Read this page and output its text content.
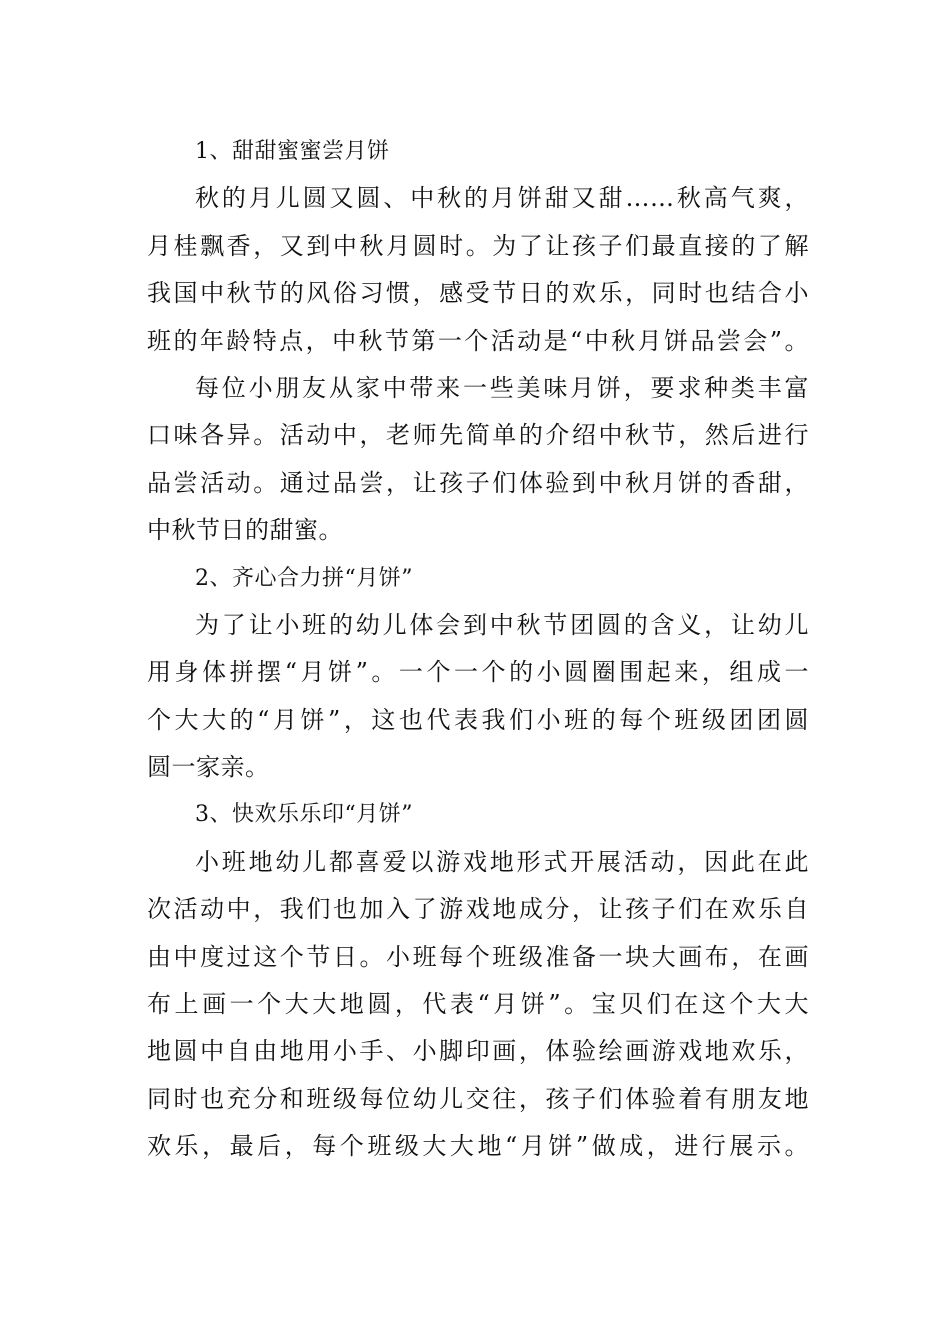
1、甜甜蜜蜜尝月饼
秋的月儿圆又圆、中秋的月饼甜又甜……秋高气爽，
月桂飘香，又到中秋月圆时。为了让孩子们最直接的了解
我国中秋节的风俗习惯，感受节日的欢乐，同时也结合小
班的年龄特点，中秋节第一个活动是“中秋月饼品尝会”。
每位小朋友从家中带来一些美味月饼，要求种类丰富
口味各异。活动中，老师先简单的介绍中秋节，然后进行
品尝活动。通过品尝，让孩子们体验到中秋月饼的香甜，
中秋节日的甜蜜。
2、齐心合力拼“月饼”
为了让小班的幼儿体会到中秋节团圆的含义，让幼儿
用身体拼摆“月饼”。一个一个的小圆圈围起来，组成一
个大大的“月饼”，这也代表我们小班的每个班级团团圆
圆一家亲。
3、快欢乐乐印“月饼”
小班地幼儿都喜爱以游戏地形式开展活动，因此在此
次活动中，我们也加入了游戏地成分，让孩子们在欢乐自
由中度过这个节日。小班每个班级准备一块大画布，在画
布上画一个大大地圆，代表“月饼”。宝贝们在这个大大
地圆中自由地用小手、小脚印画，体验绘画游戏地欢乐，
同时也充分和班级每位幼儿交往，孩子们体验着有朋友地
欢乐，最后，每个班级大大地“月饼”做成，进行展示。
